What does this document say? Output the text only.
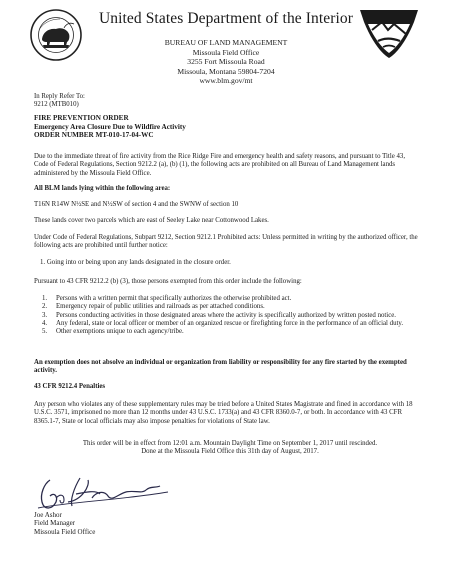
United States Department of the Interior
BUREAU OF LAND MANAGEMENT
Missoula Field Office
3255 Fort Missoula Road
Missoula, Montana 59804-7204
www.blm.gov/mt
In Reply Refer To:
9212 (MTB010)
FIRE PREVENTION ORDER
Emergency Area Closure Due to Wildfire Activity
ORDER NUMBER MT-010-17-04-WC
Due to the immediate threat of fire activity from the Rice Ridge Fire and emergency health and safety reasons, and pursuant to Title 43, Code of Federal Regulations, Section 9212.2 (a), (b) (1), the following acts are prohibited on all Bureau of Land Management lands administered by the Missoula Field Office.
All BLM lands lying within the following area:
T16N R14W N½SE and N½SW of section 4 and the SWNW of section 10
These lands cover two parcels which are east of Seeley Lake near Cottonwood Lakes.
Under Code of Federal Regulations, Subpart 9212, Section 9212.1 Prohibited acts: Unless permitted in writing by the authorized officer, the following acts are prohibited until further notice:
1. Going into or being upon any lands designated in the closure order.
Pursuant to 43 CFR 9212.2 (b) (3), those persons exempted from this order include the following:
1.	Persons with a written permit that specifically authorizes the otherwise prohibited act.
2.	Emergency repair of public utilities and railroads as per attached conditions.
3.	Persons conducting activities in those designated areas where the activity is specifically authorized by written posted notice.
4.	Any federal, state or local officer or member of an organized rescue or firefighting force in the performance of an official duty.
5.	Other exemptions unique to each agency/tribe.
An exemption does not absolve an individual or organization from liability or responsibility for any fire started by the exempted activity.
43 CFR 9212.4 Penalties
Any person who violates any of these supplementary rules may be tried before a United States Magistrate and fined in accordance with 18 U.S.C. 3571, imprisoned no more than 12 months under 43 U.S.C. 1733(a) and 43 CFR 8360.0-7, or both. In accordance with 43 CFR 8365.1-7, State or local officials may also impose penalties for violations of State law.
This order will be in effect from 12:01 a.m. Mountain Daylight Time on September 1, 2017 until rescinded.
Done at the Missoula Field Office this 31th day of August, 2017.
Joe Ashor
Field Manager
Missoula Field Office
